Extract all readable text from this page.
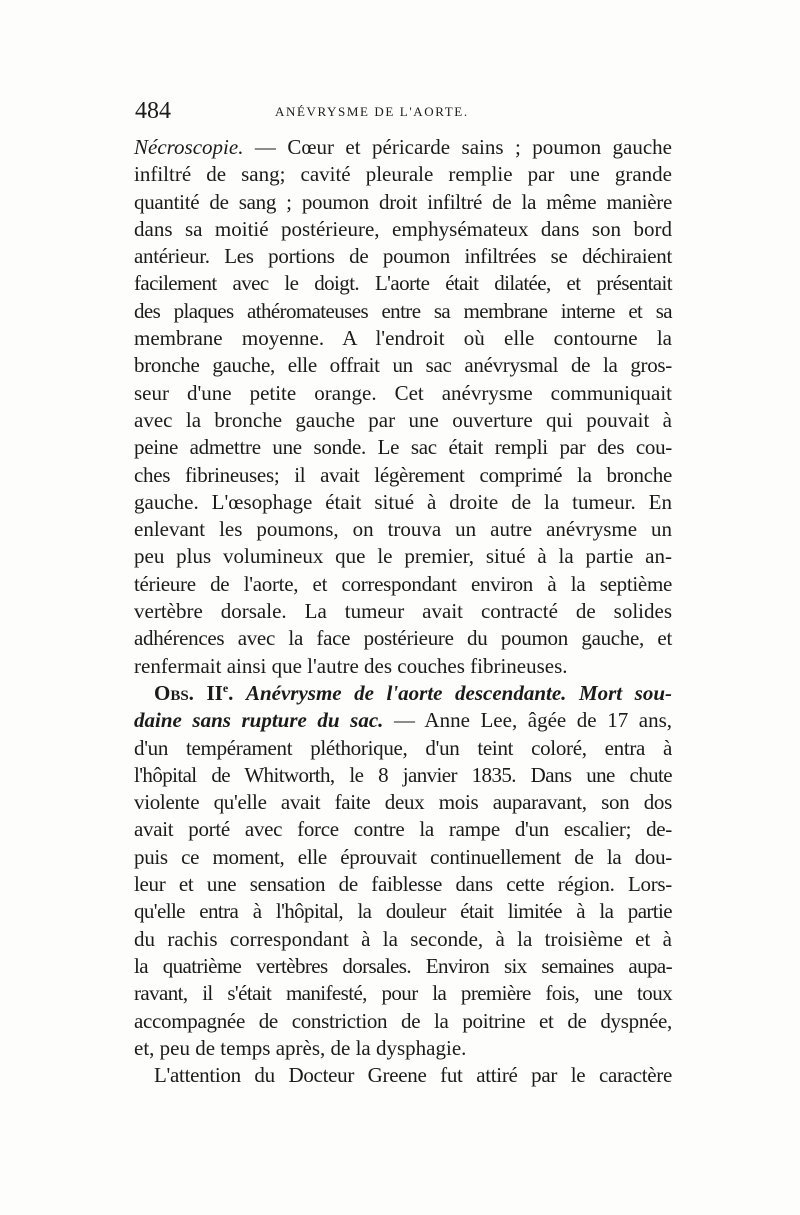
484	ANÉVRYSME DE L'AORTE.
Nécroscopie. — Cœur et péricarde sains ; poumon gauche
infiltré de sang; cavité pleurale remplie par une grande
quantité de sang ; poumon droit infiltré de la même manière
dans sa moitié postérieure, emphysémateux dans son bord
antérieur. Les portions de poumon infiltrées se déchiraient
facilement avec le doigt. L'aorte était dilatée, et présentait
des plaques athéromateuses entre sa membrane interne et sa
membrane moyenne. A l'endroit où elle contourne la
bronche gauche, elle offrait un sac anévrysmal de la gros-
seur d'une petite orange. Cet anévrysme communiquait
avec la bronche gauche par une ouverture qui pouvait à
peine admettre une sonde. Le sac était rempli par des cou-
ches fibrineuses; il avait légèrement comprimé la bronche
gauche. L'œsophage était situé à droite de la tumeur. En
enlevant les poumons, on trouva un autre anévrysme un
peu plus volumineux que le premier, situé à la partie an-
térieure de l'aorte, et correspondant environ à la septième
vertèbre dorsale. La tumeur avait contracté de solides
adhérences avec la face postérieure du poumon gauche, et
renfermait ainsi que l'autre des couches fibrineuses.
Obs. IIe. Anévrysme de l'aorte descendante. Mort sou-
daine sans rupture du sac. — Anne Lee, âgée de 17 ans,
d'un tempérament pléthorique, d'un teint coloré, entra à
l'hôpital de Whitworth, le 8 janvier 1835. Dans une chute
violente qu'elle avait faite deux mois auparavant, son dos
avait porté avec force contre la rampe d'un escalier; de-
puis ce moment, elle éprouvait continuellement de la dou-
leur et une sensation de faiblesse dans cette région. Lors-
qu'elle entra à l'hôpital, la douleur était limitée à la partie
du rachis correspondant à la seconde, à la troisième et à
la quatrième vertèbres dorsales. Environ six semaines aupa-
ravant, il s'était manifesté, pour la première fois, une toux
accompagnée de constriction de la poitrine et de dyspnée,
et, peu de temps après, de la dysphagie.
L'attention du Docteur Greene fut attiré par le caractère
